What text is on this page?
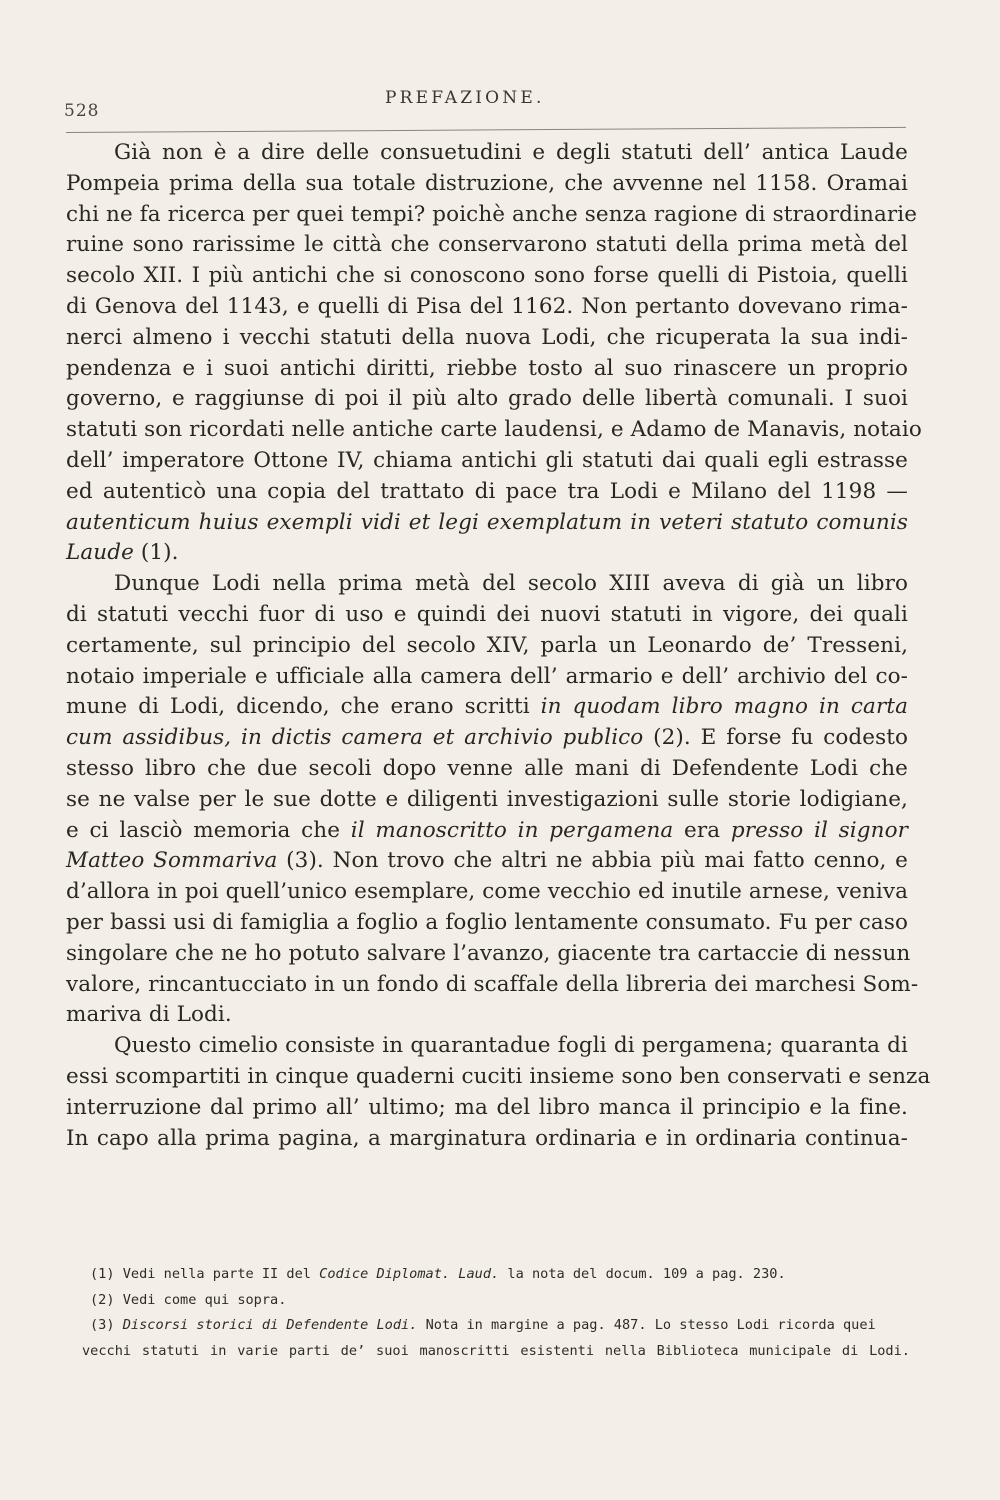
528
PREFAZIONE.
Già non è a dire delle consuetudini e degli statuti dell’ antica Laude
Pompeia prima della sua totale distruzione, che avvenne nel 1158. Oramai
chi ne fa ricerca per quei tempi? poichè anche senza ragione di straordinarie
ruine sono rarissime le città che conservarono statuti della prima metà del
secolo XII. I più antichi che si conoscono sono forse quelli di Pistoia, quelli
di Genova del 1143, e quelli di Pisa del 1162. Non pertanto dovevano rima-
nerci almeno i vecchi statuti della nuova Lodi, che ricuperata la sua indi-
pendenza e i suoi antichi diritti, riebbe tosto al suo rinascere un proprio
governo, e raggiunse di poi il più alto grado delle libertà comunali. I suoi
statuti son ricordati nelle antiche carte laudensi, e Adamo de Manavis, notaio
dell’ imperatore Ottone IV, chiama antichi gli statuti dai quali egli estrasse
ed autenticò una copia del trattato di pace tra Lodi e Milano del 1198 —
autenticum huius exempli vidi et legi exemplatum in veteri statuto comunis
Laude (1).
Dunque Lodi nella prima metà del secolo XIII aveva di già un libro
di statuti vecchi fuor di uso e quindi dei nuovi statuti in vigore, dei quali
certamente, sul principio del secolo XIV, parla un Leonardo de’ Tresseni,
notaio imperiale e ufficiale alla camera dell’ armario e dell’ archivio del co-
mune di Lodi, dicendo, che erano scritti in quodam libro magno in carta
cum assidibus, in dictis camera et archivio publico (2). E forse fu codesto
stesso libro che due secoli dopo venne alle mani di Defendente Lodi che
se ne valse per le sue dotte e diligenti investigazioni sulle storie lodigiane,
e ci lasciò memoria che il manoscritto in pergamena era presso il signor
Matteo Sommariva (3). Non trovo che altri ne abbia più mai fatto cenno, e
d’allora in poi quell’unico esemplare, come vecchio ed inutile arnese, veniva
per bassi usi di famiglia a foglio a foglio lentamente consumato. Fu per caso
singolare che ne ho potuto salvare l’avanzo, giacente tra cartaccie di nessun
valore, rincantucciato in un fondo di scaffale della libreria dei marchesi Som-
mariva di Lodi.
Questo cimelio consiste in quarantadue fogli di pergamena; quaranta di
essi scompartiti in cinque quaderni cuciti insieme sono ben conservati e senza
interruzione dal primo all’ ultimo; ma del libro manca il principio e la fine.
In capo alla prima pagina, a marginatura ordinaria e in ordinaria continua-
(1) Vedi nella parte II del Codice Diplomat. Laud. la nota del docum. 109 a pag. 230.
(2) Vedi come qui sopra.
(3) Discorsi storici di Defendente Lodi. Nota in margine a pag. 487. Lo stesso Lodi ricorda quei
vecchi statuti in varie parti de’ suoi manoscritti esistenti nella Biblioteca municipale di Lodi.
